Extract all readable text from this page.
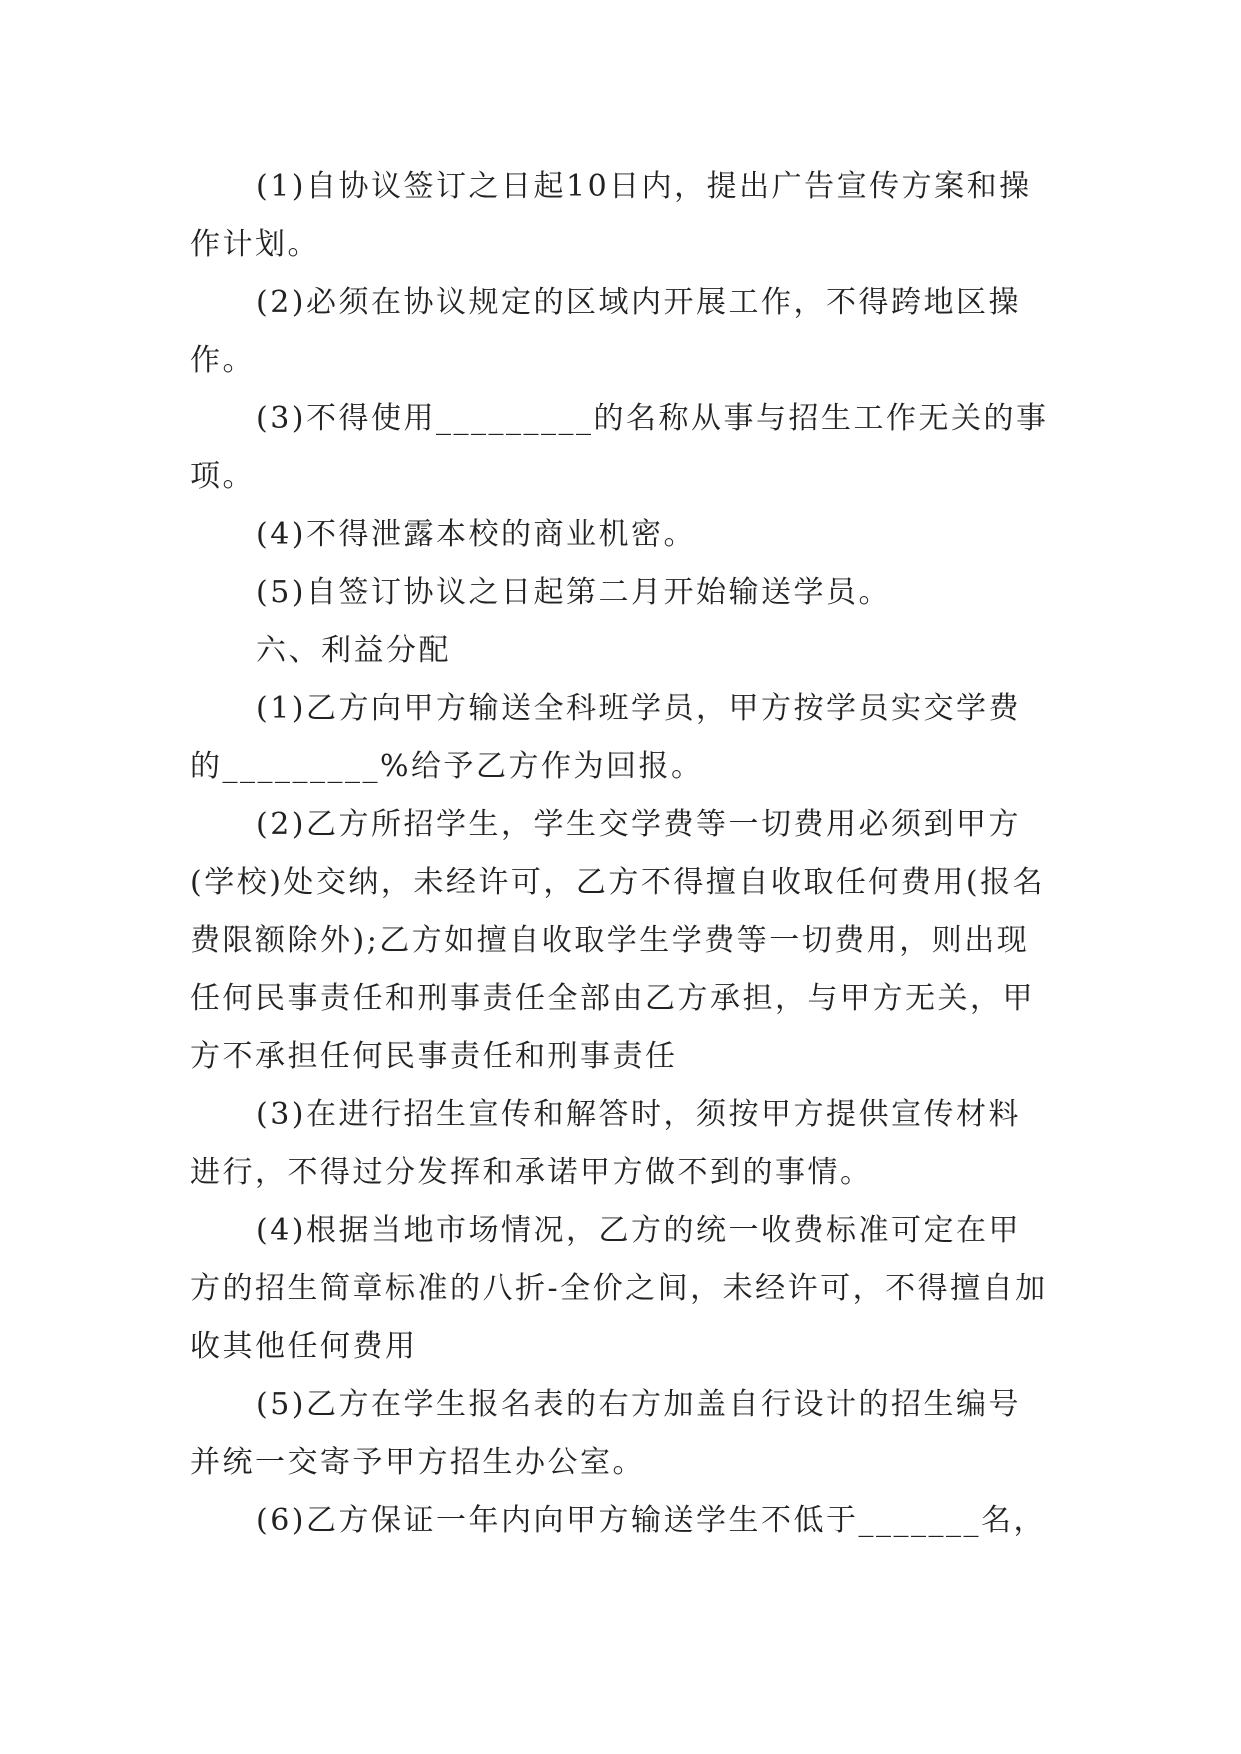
(1)自协议签订之日起10日内，提出广告宣传方案和操作计划。

(2)必须在协议规定的区域内开展工作，不得跨地区操作。

(3)不得使用_________的名称从事与招生工作无关的事项。

(4)不得泄露本校的商业机密。

(5)自签订协议之日起第二月开始输送学员。

六、利益分配

(1)乙方向甲方输送全科班学员，甲方按学员实交学费的_________%给予乙方作为回报。

(2)乙方所招学生，学生交学费等一切费用必须到甲方(学校)处交纳，未经许可，乙方不得擅自收取任何费用(报名费限额除外);乙方如擅自收取学生学费等一切费用，则出现任何民事责任和刑事责任全部由乙方承担，与甲方无关，甲方不承担任何民事责任和刑事责任

(3)在进行招生宣传和解答时，须按甲方提供宣传材料进行，不得过分发挥和承诺甲方做不到的事情。

(4)根据当地市场情况，乙方的统一收费标准可定在甲方的招生简章标准的八折-全价之间，未经许可，不得擅自加收其他任何费用

(5)乙方在学生报名表的右方加盖自行设计的招生编号并统一交寄予甲方招生办公室。

(6)乙方保证一年内向甲方输送学生不低于_______名，
